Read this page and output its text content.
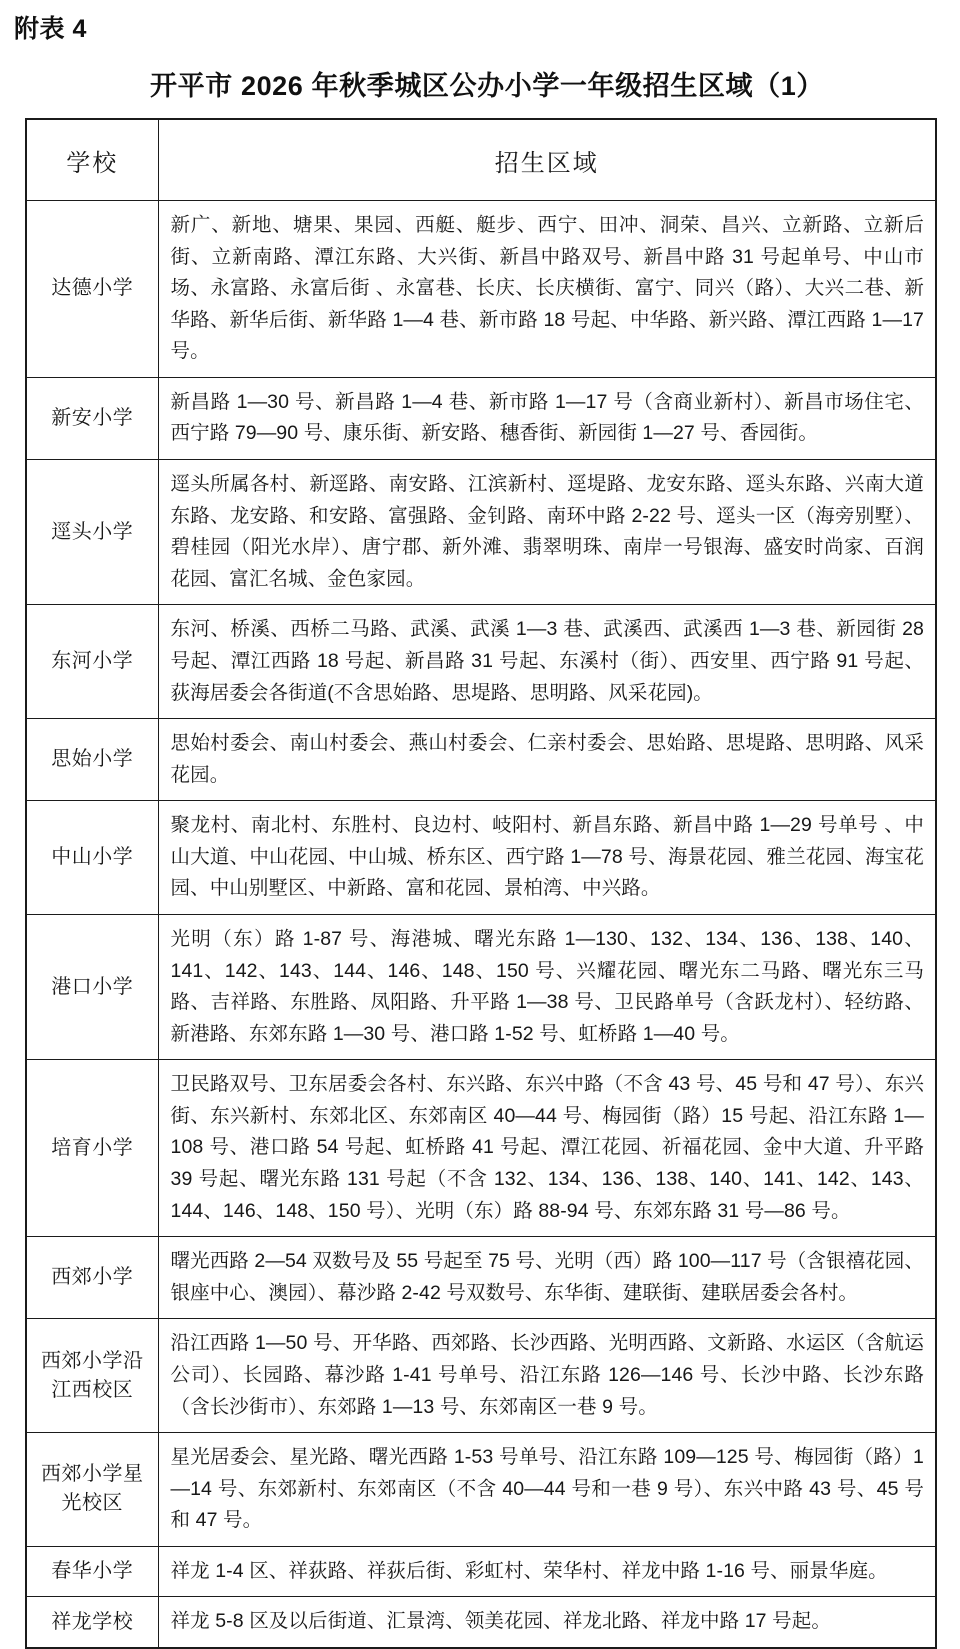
附表 4
开平市 2026 年秋季城区公办小学一年级招生区域（1）
学校	招生区域
达德小学	新广、新地、塘果、果园、西艇、艇步、西宁、田冲、洞荣、昌兴、立新路、立新后街、立新南路、潭江东路、大兴街、新昌中路双号、新昌中路 31 号起单号、中山市场、永富路、永富后街 、永富巷、长庆、长庆横街、富宁、同兴（路）、大兴二巷、新华路、新华后街、新华路 1—4 巷、新市路 18 号起、中华路、新兴路、潭江西路 1—17 号。
新安小学	新昌路 1—30 号、新昌路 1—4 巷、新市路 1—17 号（含商业新村）、新昌市场住宅、西宁路 79—90 号、康乐街、新安路、穗香街、新园街 1—27 号、香园街。
逕头小学	逕头所属各村、新逕路、南安路、江滨新村、逕堤路、龙安东路、逕头东路、兴南大道东路、龙安路、和安路、富强路、金钊路、南环中路 2-22 号、逕头一区（海旁别墅）、碧桂园（阳光水岸）、唐宁郡、新外滩、翡翠明珠、南岸一号银海、盛安时尚家、百润花园、富汇名城、金色家园。
东河小学	东河、桥溪、西桥二马路、武溪、武溪 1—3 巷、武溪西、武溪西 1—3 巷、新园街 28 号起、潭江西路 18 号起、新昌路 31 号起、东溪村（街）、西安里、西宁路 91 号起、荻海居委会各街道(不含思始路、思堤路、思明路、风采花园)。
思始小学	思始村委会、南山村委会、燕山村委会、仁亲村委会、思始路、思堤路、思明路、风采花园。
中山小学	聚龙村、南北村、东胜村、良边村、岐阳村、新昌东路、新昌中路 1—29 号单号 、中山大道、中山花园、中山城、桥东区、西宁路 1—78 号、海景花园、雅兰花园、海宝花园、中山别墅区、中新路、富和花园、景柏湾、中兴路。
港口小学	光明（东）路 1-87 号、海港城、曙光东路 1—130、132、134、136、138、140、141、142、143、144、146、148、150 号、兴耀花园、曙光东二马路、曙光东三马路、吉祥路、东胜路、凤阳路、升平路 1—38 号、卫民路单号（含跃龙村）、轻纺路、新港路、东郊东路 1—30 号、港口路 1-52 号、虹桥路 1—40 号。
培育小学	卫民路双号、卫东居委会各村、东兴路、东兴中路（不含 43 号、45 号和 47 号）、东兴街、东兴新村、东郊北区、东郊南区 40—44 号、梅园街（路）15 号起、沿江东路 1—108 号、港口路 54 号起、虹桥路 41 号起、潭江花园、祈福花园、金中大道、升平路 39 号起、曙光东路 131 号起（不含 132、134、136、138、140、141、142、143、144、146、148、150 号）、光明（东）路 88-94 号、东郊东路 31 号—86 号。
西郊小学	曙光西路 2—54 双数号及 55 号起至 75 号、光明（西）路 100—117 号（含银禧花园、银座中心、澳园）、幕沙路 2-42 号双数号、东华街、建联街、建联居委会各村。
西郊小学沿
江西校区	沿江西路 1—50 号、开华路、西郊路、长沙西路、光明西路、文新路、水运区（含航运公司）、长园路、幕沙路 1-41 号单号、沿江东路 126—146 号、长沙中路、长沙东路（含长沙街市）、东郊路 1—13 号、东郊南区一巷 9 号。
西郊小学星
光校区	星光居委会、星光路、曙光西路 1-53 号单号、沿江东路 109—125 号、梅园街（路）1—14 号、东郊新村、东郊南区（不含 40—44 号和一巷 9 号）、东兴中路 43 号、45 号和 47 号。
春华小学	祥龙 1-4 区、祥荻路、祥荻后街、彩虹村、荣华村、祥龙中路 1-16 号、丽景华庭。
祥龙学校	祥龙 5-8 区及以后街道、汇景湾、领美花园、祥龙北路、祥龙中路 17 号起。
